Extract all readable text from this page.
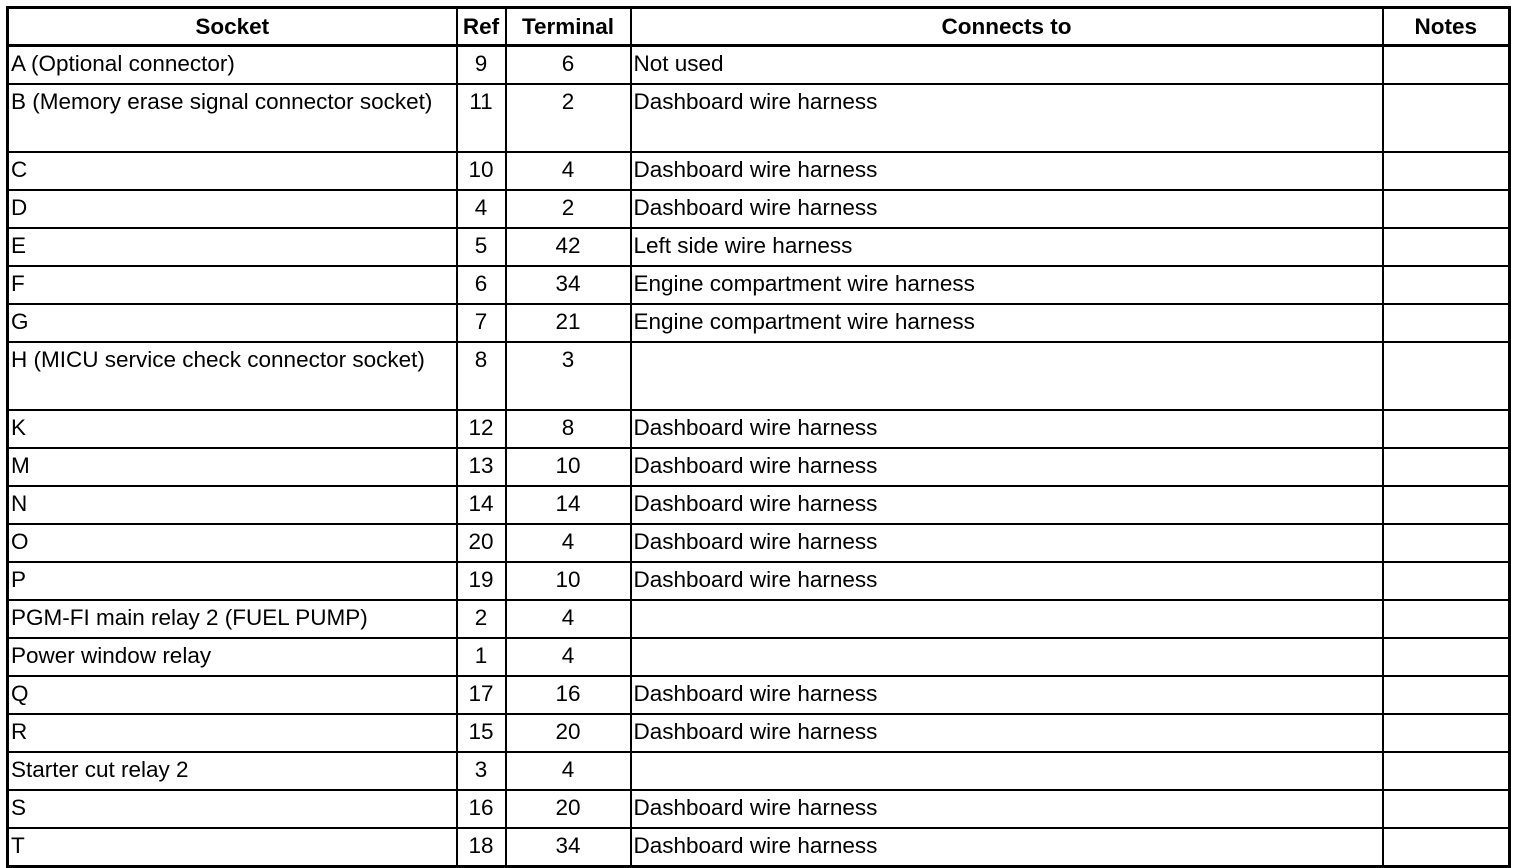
Socket	Ref	Terminal	Connects to	Notes
A (Optional connector)	9	6	Not used	
B (Memory erase signal connector socket)	11	2	Dashboard wire harness	
C	10	4	Dashboard wire harness	
D	4	2	Dashboard wire harness	
E	5	42	Left side wire harness	
F	6	34	Engine compartment wire harness	
G	7	21	Engine compartment wire harness	
H (MICU service check connector socket)	8	3		
K	12	8	Dashboard wire harness	
M	13	10	Dashboard wire harness	
N	14	14	Dashboard wire harness	
O	20	4	Dashboard wire harness	
P	19	10	Dashboard wire harness	
PGM-FI main relay 2 (FUEL PUMP)	2	4		
Power window relay	1	4		
Q	17	16	Dashboard wire harness	
R	15	20	Dashboard wire harness	
Starter cut relay 2	3	4		
S	16	20	Dashboard wire harness	
T	18	34	Dashboard wire harness	
